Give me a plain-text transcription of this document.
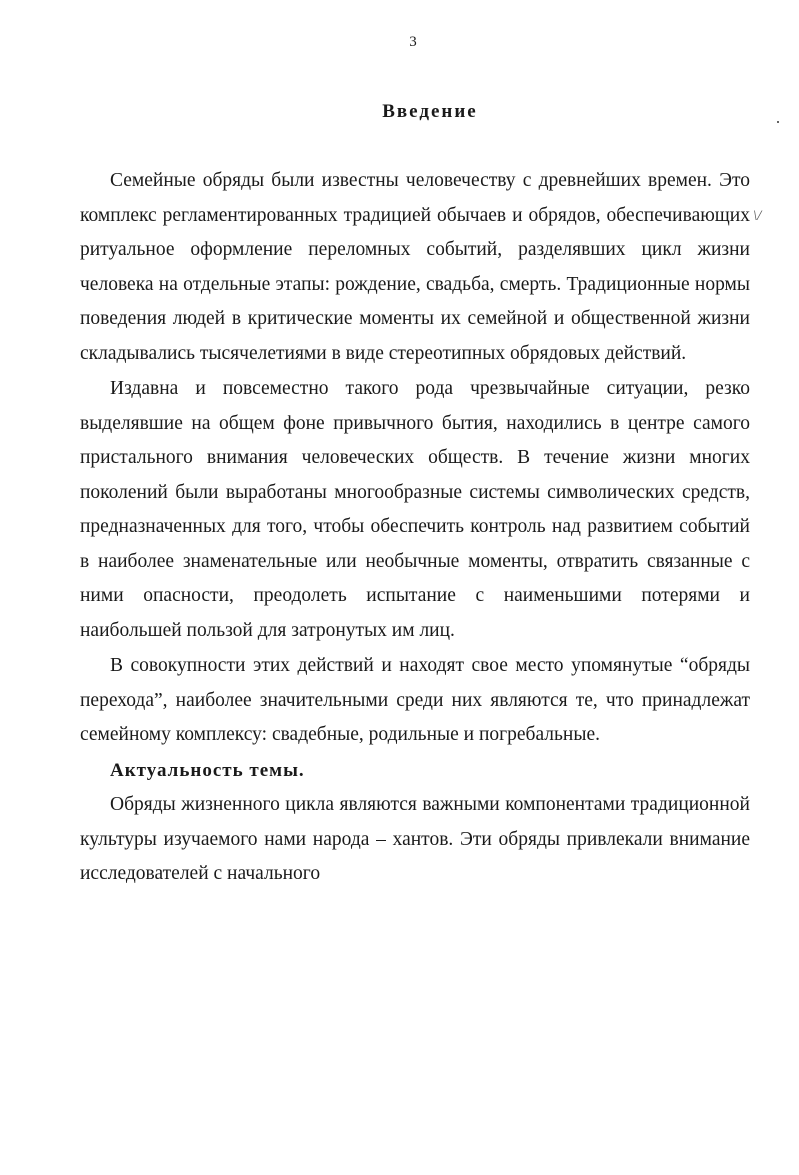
3
Введение
\/

Семейные обряды были известны человечеству с древнейших времен. Это комплекс регламентированных традицией обычаев и обрядов, обеспечивающих ритуальное оформление переломных событий, разделявших цикл жизни человека на отдельные этапы: рождение, свадьба, смерть. Традиционные нормы поведения людей в критические моменты их семейной и общественной жизни складывались тысячелетиями в виде стереотипных обрядовых действий.

Издавна и повсеместно такого рода чрезвычайные ситуации, резко выделявшие на общем фоне привычного бытия, находились в центре самого пристального внимания человеческих обществ. В течение жизни многих поколений были выработаны многообразные системы символических средств, предназначенных для того, чтобы обеспечить контроль над развитием событий в наиболее знаменательные или необычные моменты, отвратить связанные с ними опасности, преодолеть испытание с наименьшими потерями и наибольшей пользой для затронутых им лиц.

В совокупности этих действий и находят свое место упомянутые “обряды перехода”, наиболее значительными среди них являются те, что принадлежат семейному комплексу: свадебные, родильные и погребальные.

Актуальность темы.

Обряды жизненного цикла являются важными компонентами традиционной культуры изучаемого нами народа – хантов. Эти обряды привлекали внимание исследователей с начального
